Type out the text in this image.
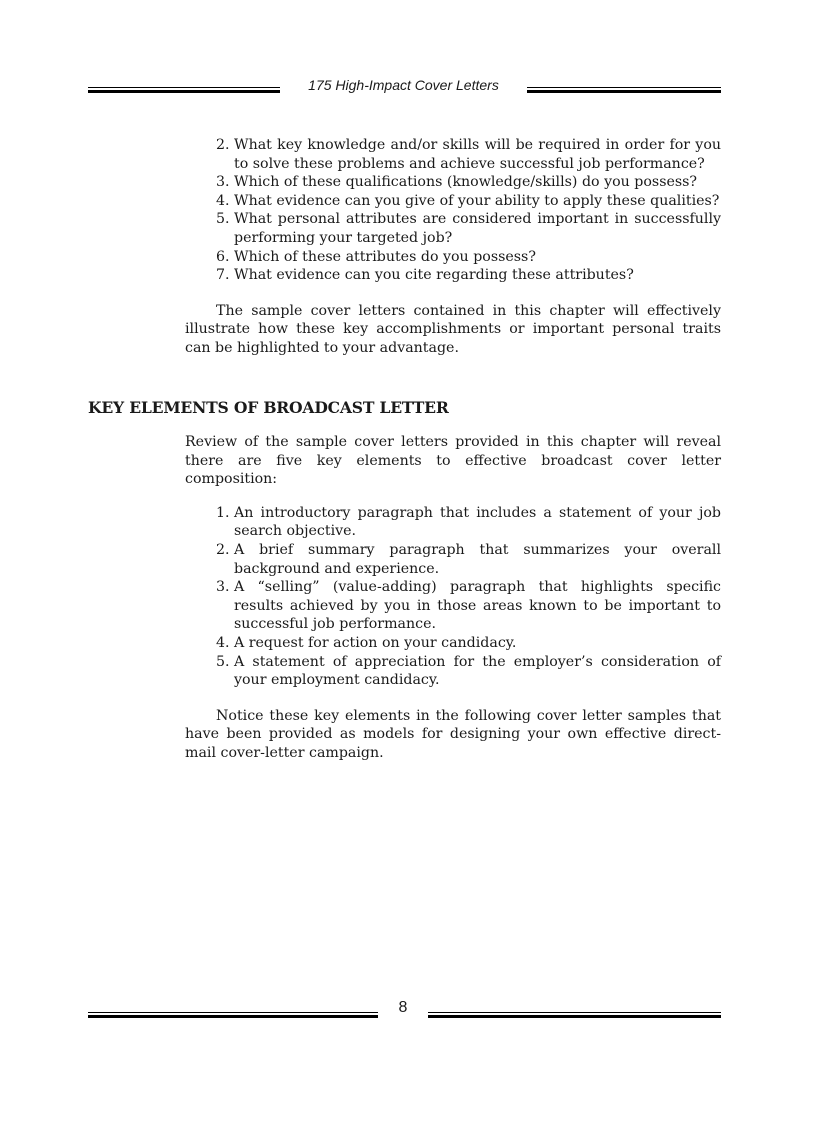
175 High-Impact Cover Letters
2. What key knowledge and/or skills will be required in order for you to solve these problems and achieve successful job performance?
3. Which of these qualifications (knowledge/skills) do you possess?
4. What evidence can you give of your ability to apply these qualities?
5. What personal attributes are considered important in successfully performing your targeted job?
6. Which of these attributes do you possess?
7. What evidence can you cite regarding these attributes?

The sample cover letters contained in this chapter will effectively illustrate how these key accomplishments or important personal traits can be highlighted to your advantage.

KEY ELEMENTS OF BROADCAST LETTER

Review of the sample cover letters provided in this chapter will reveal there are five key elements to effective broadcast cover letter composition:

1. An introductory paragraph that includes a statement of your job search objective.
2. A brief summary paragraph that summarizes your overall background and experience.
3. A “selling” (value-adding) paragraph that highlights specific results achieved by you in those areas known to be important to successful job performance.
4. A request for action on your candidacy.
5. A statement of appreciation for the employer’s consideration of your employment candidacy.

Notice these key elements in the following cover letter samples that have been provided as models for designing your own effective direct-mail cover-letter campaign.

8
